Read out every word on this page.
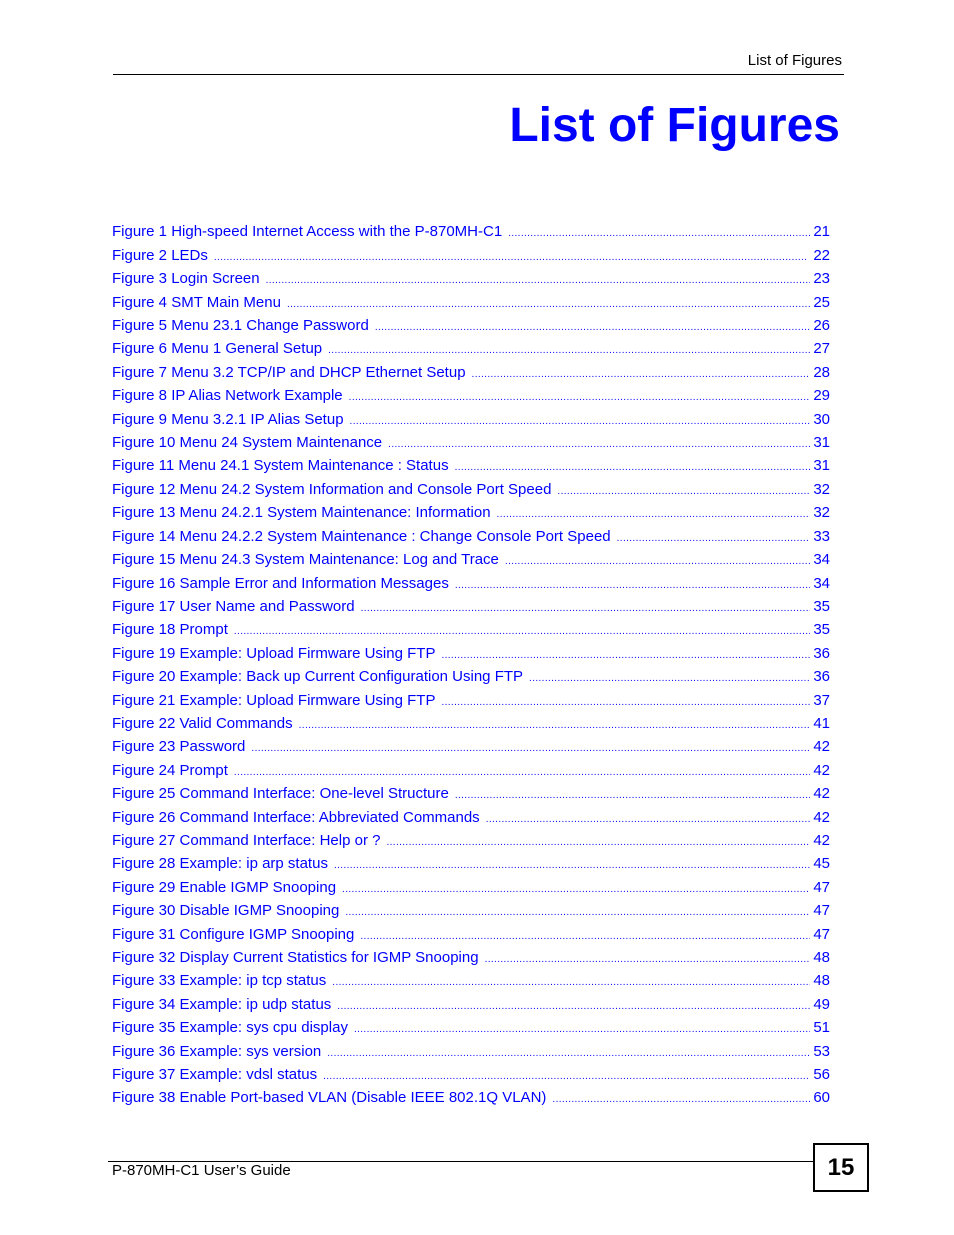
List of Figures
List of Figures
Figure 1 High-speed Internet Access with the P-870MH-C1 . . .	21
Figure 2 LEDs . . .	22
Figure 3 Login Screen . . .	23
Figure 4 SMT Main Menu . . .	25
Figure 5 Menu 23.1 Change Password . . .	26
Figure 6 Menu 1 General Setup . . .	27
Figure 7 Menu 3.2 TCP/IP and DHCP Ethernet Setup . . .	28
Figure 8 IP Alias Network Example . . .	29
Figure 9 Menu 3.2.1 IP Alias Setup . . .	30
Figure 10 Menu 24 System Maintenance . . .	31
Figure 11 Menu 24.1 System Maintenance : Status . . .	31
Figure 12 Menu 24.2 System Information and Console Port Speed . . .	32
Figure 13 Menu 24.2.1 System Maintenance: Information . . .	32
Figure 14 Menu 24.2.2 System Maintenance : Change Console Port Speed . . .	33
Figure 15 Menu 24.3 System Maintenance: Log and Trace . . .	34
Figure 16 Sample Error and Information Messages . . .	34
Figure 17 User Name and Password . . .	35
Figure 18 Prompt . . .	35
Figure 19 Example: Upload Firmware Using FTP . . .	36
Figure 20 Example: Back up Current Configuration Using FTP . . .	36
Figure 21 Example: Upload Firmware Using FTP . . .	37
Figure 22 Valid Commands . . .	41
Figure 23 Password . . .	42
Figure 24 Prompt . . .	42
Figure 25 Command Interface: One-level Structure . . .	42
Figure 26 Command Interface: Abbreviated Commands . . .	42
Figure 27 Command Interface: Help or ? . . .	42
Figure 28 Example: ip arp status . . .	45
Figure 29 Enable IGMP Snooping . . .	47
Figure 30 Disable IGMP Snooping . . .	47
Figure 31 Configure IGMP Snooping . . .	47
Figure 32 Display Current Statistics for IGMP Snooping . . .	48
Figure 33 Example: ip tcp status . . .	48
Figure 34 Example: ip udp status . . .	49
Figure 35 Example: sys cpu display . . .	51
Figure 36 Example: sys version . . .	53
Figure 37 Example: vdsl status . . .	56
Figure 38 Enable Port-based VLAN (Disable IEEE 802.1Q VLAN) . . .	60
P-870MH-C1 User’s Guide	15
